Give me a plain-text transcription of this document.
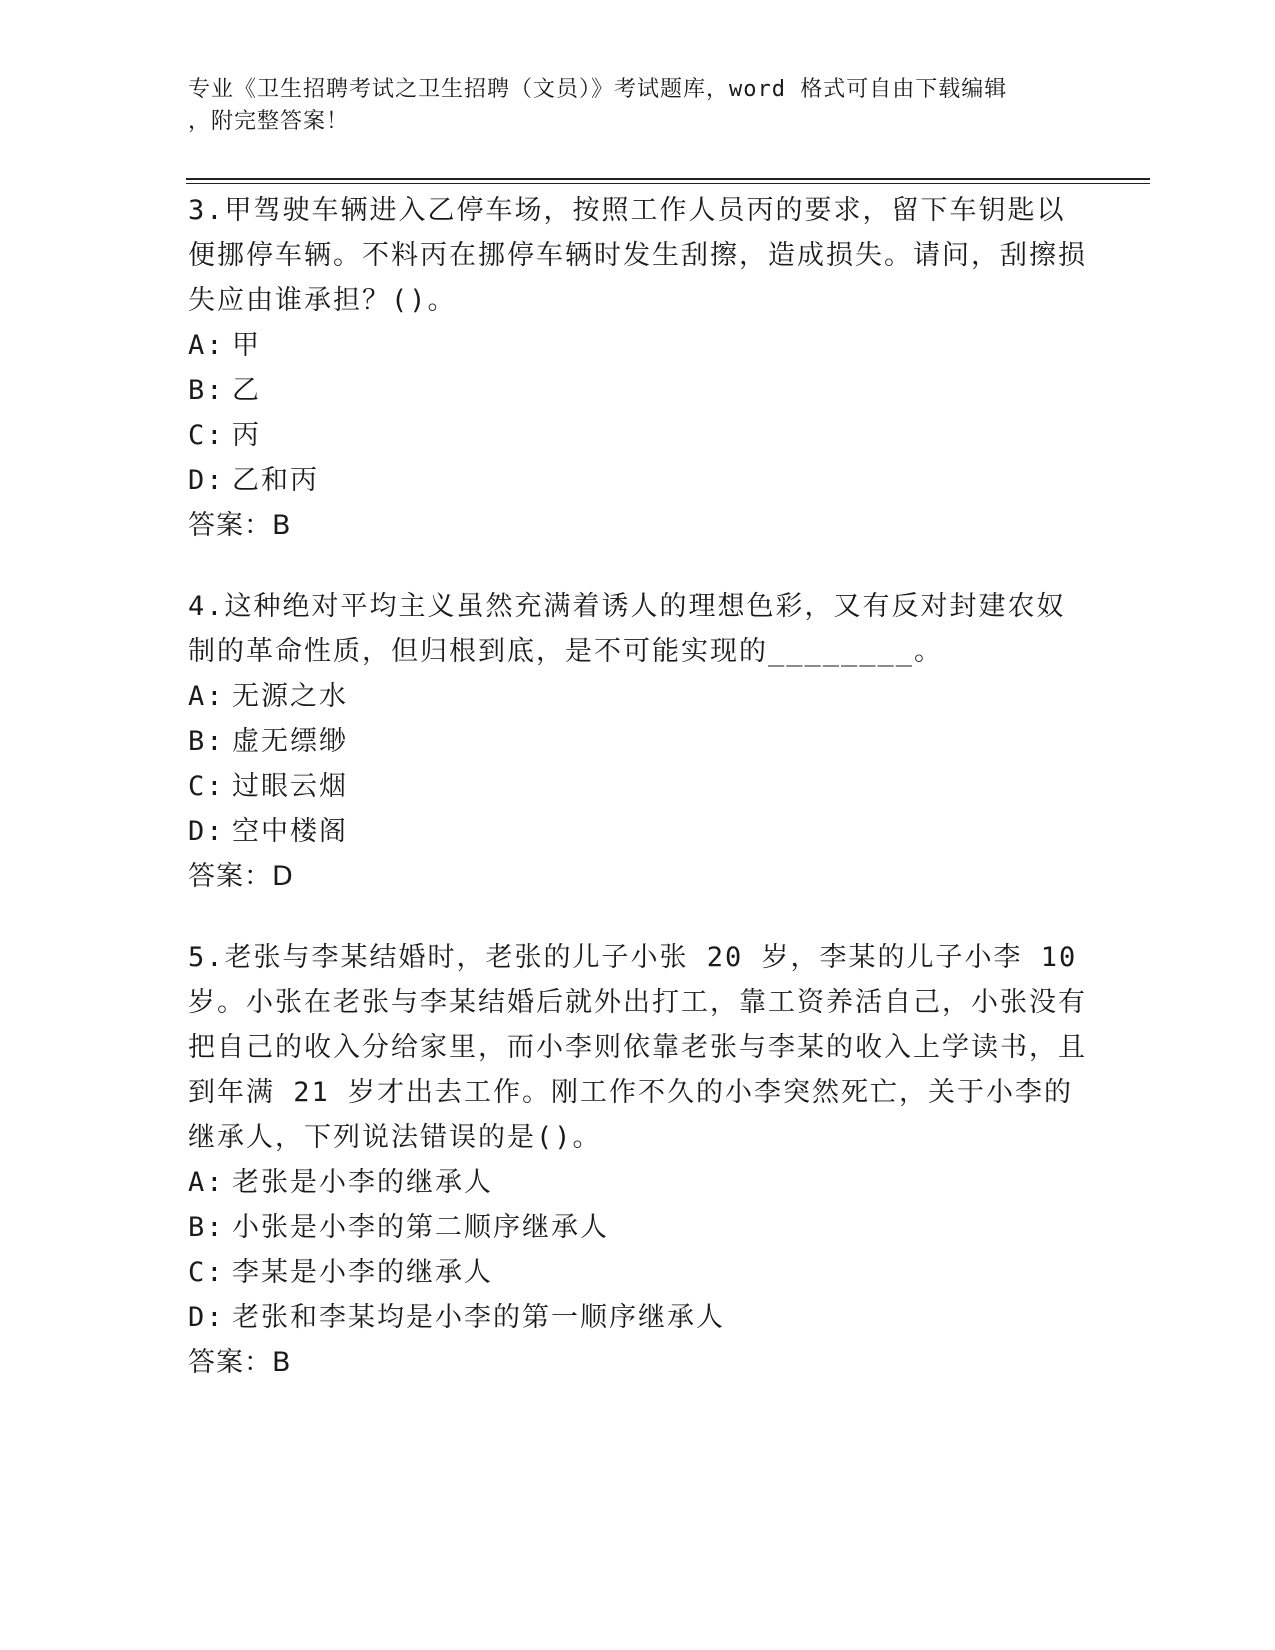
专业《卫生招聘考试之卫生招聘（文员）》考试题库，word 格式可自由下载编辑
，附完整答案！

3.甲驾驶车辆进入乙停车场，按照工作人员丙的要求，留下车钥匙以便挪停车辆。不料丙在挪停车辆时发生刮擦，造成损失。请问，刮擦损失应由谁承担？()。

A: 甲

B: 乙

C: 丙

D: 乙和丙

答案：B

4.这种绝对平均主义虽然充满着诱人的理想色彩，又有反对封建农奴制的革命性质，但归根到底，是不可能实现的________。

A: 无源之水

B: 虚无缥缈

C: 过眼云烟

D: 空中楼阁

答案：D

5.老张与李某结婚时，老张的儿子小张 20 岁，李某的儿子小李 10 岁。小张在老张与李某结婚后就外出打工，靠工资养活自己，小张没有把自己的收入分给家里，而小李则依靠老张与李某的收入上学读书，且到年满 21 岁才出去工作。刚工作不久的小李突然死亡，关于小李的继承人，下列说法错误的是()。

A: 老张是小李的继承人

B: 小张是小李的第二顺序继承人

C: 李某是小李的继承人

D: 老张和李某均是小李的第一顺序继承人

答案：B
